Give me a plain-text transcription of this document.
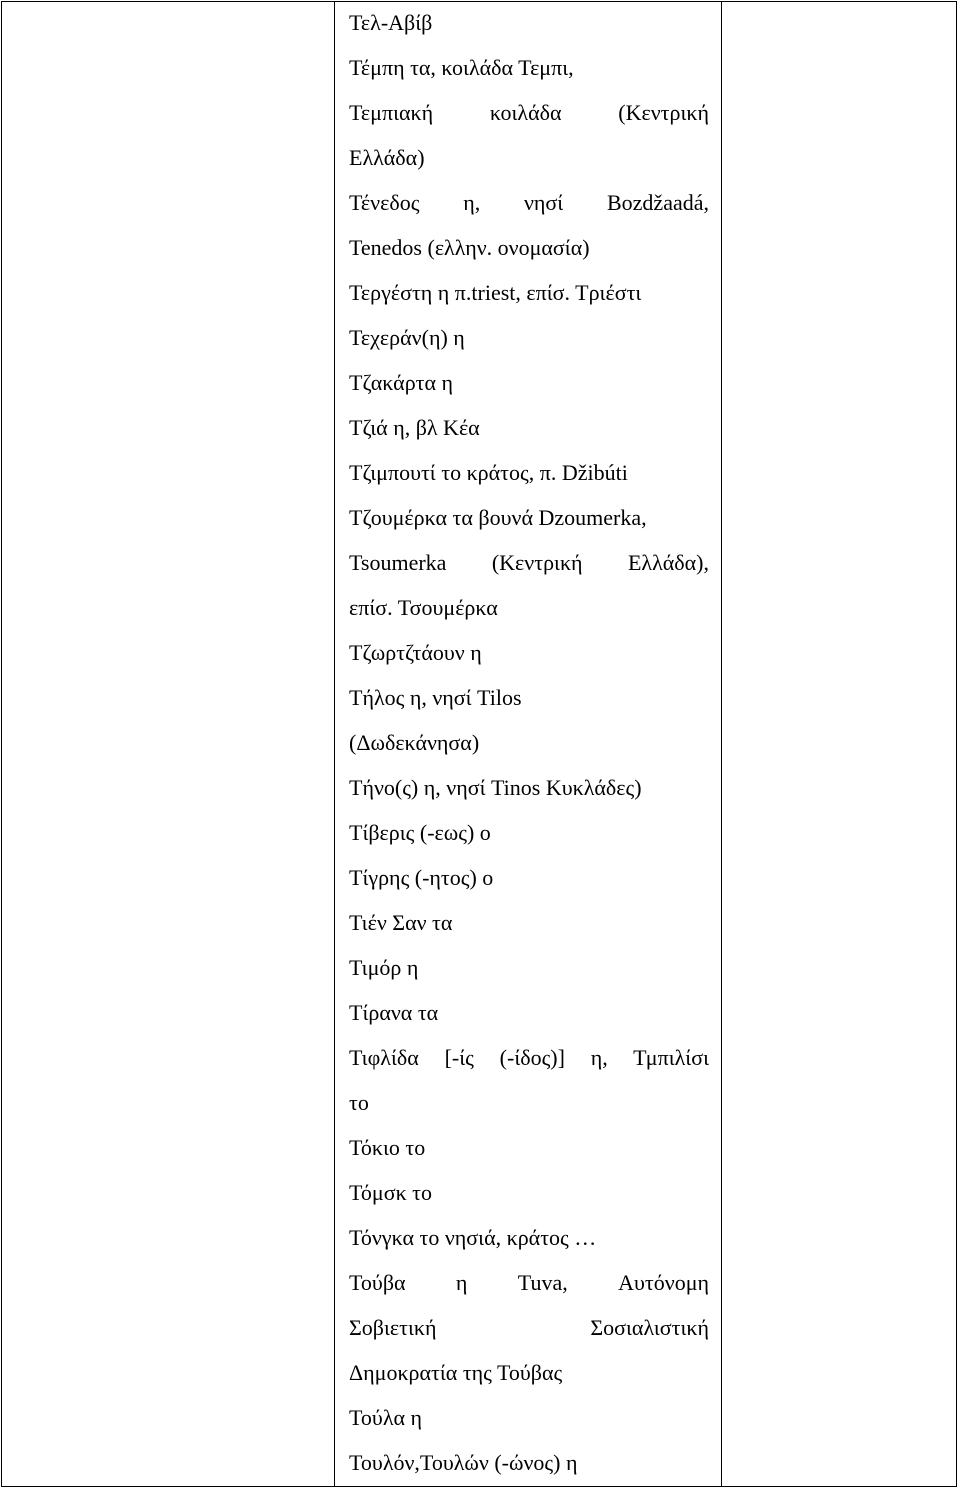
Τελ-Αβίβ
Τέμπη τα, κοιλάδα Τεμπι,
Τεμπιακή κοιλάδα (Κεντρική
Ελλάδα)
Τένεδος η, νησί Bozdžaadá,
Tenedos (ελλην. ονομασία)
Τεργέστη η π.triest, επίσ. Τριέστι
Τεχεράν(η) η
Τζακάρτα η
Τζιά η, βλ Κέα
Τζιμπουτί το κράτος, π. Džibúti
Τζουμέρκα τα βουνά Dzoumerka,
Tsoumerka (Κεντρική Ελλάδα),
επίσ. Τσουμέρκα
Τζωρτζτάουν η
Τήλος η, νησί Tilos
(Δωδεκάνησα)
Τήνο(ς) η, νησί Tinos Κυκλάδες)
Τίβερις (-εως) ο
Τίγρης (-ητος) ο
Τιέν Σαν τα
Τιμόρ η
Τίρανα τα
Τιφλίδα [-ίς (-ίδος)] η, Τμπιλίσι
το
Τόκιο το
Τόμσκ το
Τόνγκα το νησιά, κράτος …
Τούβα η Tuva, Αυτόνομη
Σοβιετική Σοσιαλιστική
Δημοκρατία της Τούβας
Τούλα η
Τουλόν,Τουλών (-ώνος) η
